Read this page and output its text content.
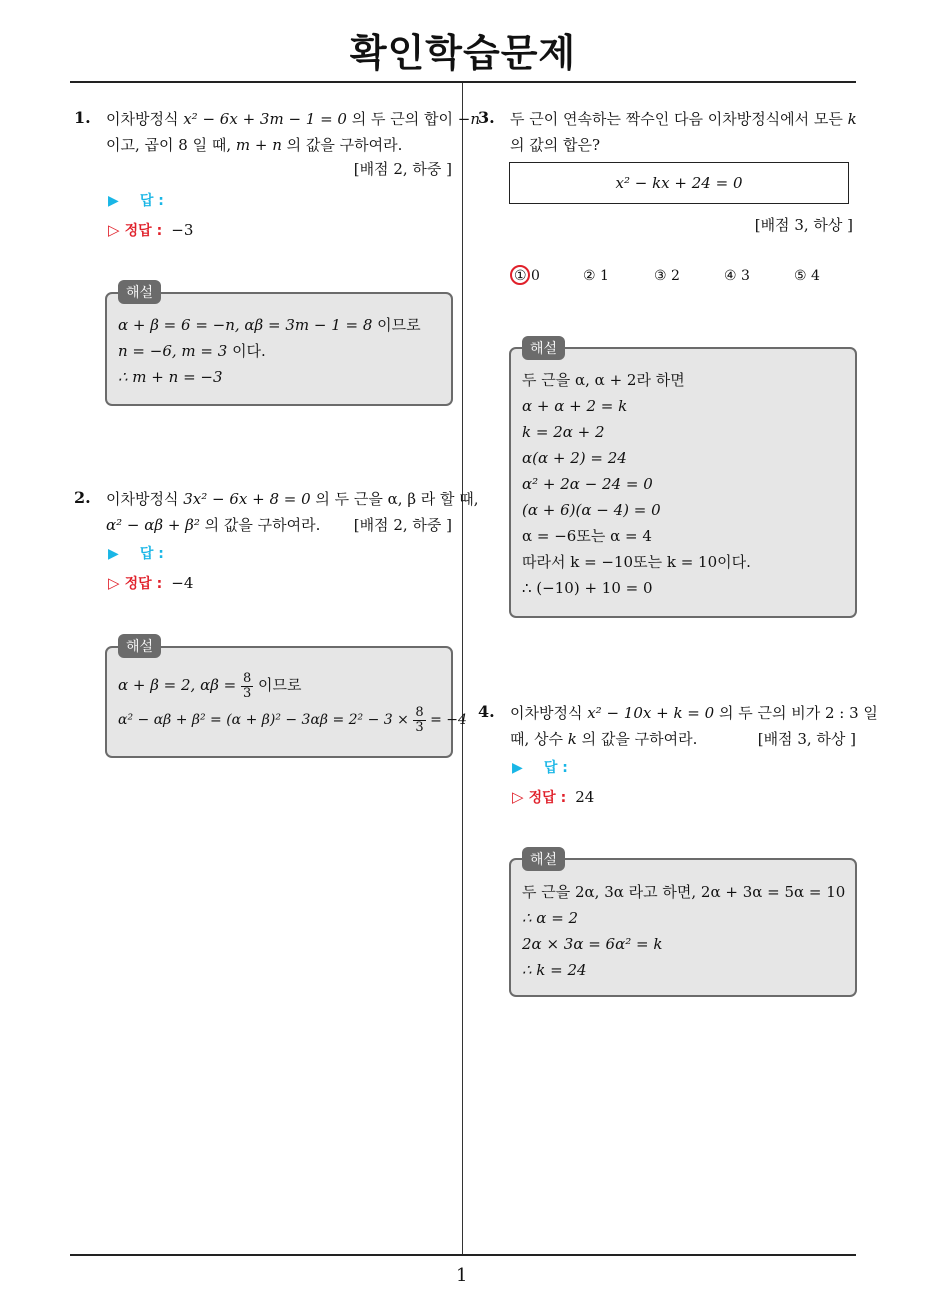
확인학습문제
1
1. 이차방정식 x² − 6x + 3m − 1 = 0 의 두 근의 합이 −n
이고, 곱이 8 일 때, m + n 의 값을 구하여라.
[배점 2, 하중 ]
▶ 답 :
▷ 정답 : −3
해설
α + β = 6 = −n, αβ = 3m − 1 = 8 이므로
n = −6, m = 3 이다.
∴ m + n = −3
2. 이차방정식 3x² − 6x + 8 = 0 의 두 근을 α, β 라 할 때,
α² − αβ + β² 의 값을 구하여라. [배점 2, 하중 ]
▶ 답 :
▷ 정답 : −4
해설
α + β = 2, $\alpha\beta = \frac{8}{3}$ 이므로
$\alpha^2 - \alpha\beta + \beta^2 = (\alpha + \beta)^2 - 3\alpha\beta = 2^2 - 3 \times \frac{8}{3} = -4$
3. 두 근이 연속하는 짝수인 다음 이차방정식에서 모든 k
의 값의 합은?
x² − kx + 24 = 0
[배점 3, 하상 ]
① 0	② 1	③ 2	④ 3	⑤ 4
해설
두 근을 α, α + 2라 하면
α + α + 2 = k
k = 2α + 2
α(α + 2) = 24
α² + 2α − 24 = 0
(α + 6)(α − 4) = 0
α = −6또는 α = 4
따라서 k = −10또는 k = 10이다.
∴ (−10) + 10 = 0
4. 이차방정식 x² − 10x + k = 0 의 두 근의 비가 2 : 3 일
때, 상수 k 의 값을 구하여라.	[배점 3, 하상 ]
▶ 답 :
▷ 정답 : 24
해설
두 근을 2α, 3α 라고 하면, 2α + 3α = 5α = 10
∴ α = 2
2α × 3α = 6α² = k
∴ k = 24
